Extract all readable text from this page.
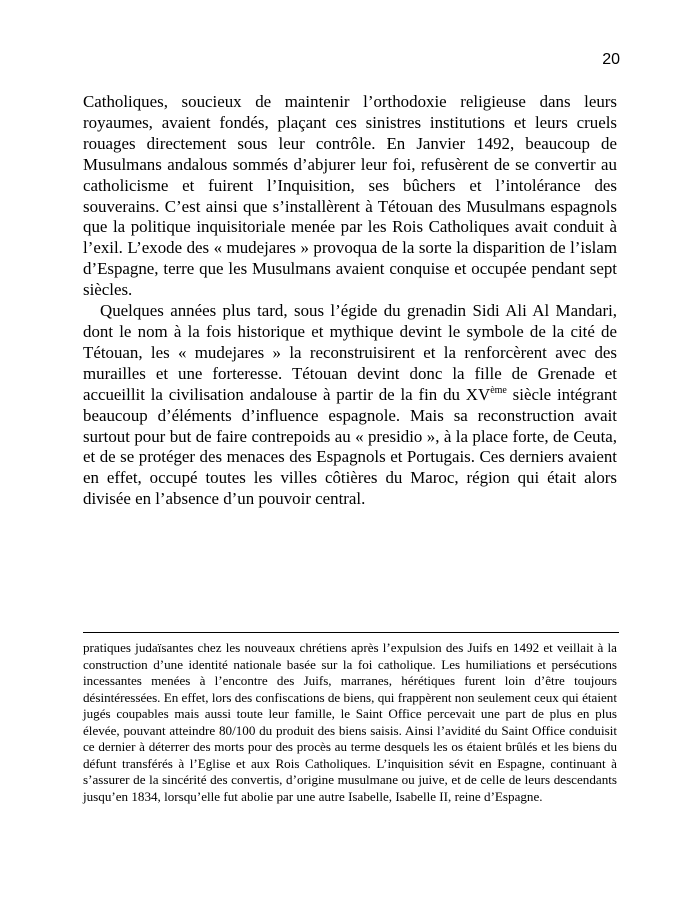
20

Catholiques, soucieux de maintenir l’orthodoxie religieuse dans leurs royaumes, avaient fondés, plaçant ces sinistres institutions et leurs cruels rouages directement sous leur contrôle. En Janvier 1492, beaucoup de Musulmans andalous sommés d’abjurer leur foi, refusèrent de se convertir au catholicisme et fuirent l’Inquisition, ses bûchers et l’intolérance des souverains. C’est ainsi que s’installèrent à Tétouan des Musulmans espagnols que la politique inquisitoriale menée par les Rois Catholiques avait conduit à l’exil. L’exode des « mudejares » provoqua de la sorte la disparition de l’islam d’Espagne, terre que les Musulmans avaient conquise et occupée pendant sept siècles.

Quelques années plus tard, sous l’égide du grenadin Sidi Ali Al Mandari, dont le nom à la fois historique et mythique devint le symbole de la cité de Tétouan, les « mudejares » la reconstruisirent et la renforcèrent avec des murailles et une forteresse. Tétouan devint donc la fille de Grenade et accueillit la civilisation andalouse à partir de la fin du XVème siècle intégrant beaucoup d’éléments d’influence espagnole. Mais sa reconstruction avait surtout pour but de faire contrepoids au « presidio », à la place forte, de Ceuta, et de se protéger des menaces des Espagnols et Portugais. Ces derniers avaient en effet, occupé toutes les villes côtières du Maroc, région qui était alors divisée en l’absence d’un pouvoir central.

pratiques judaïsantes chez les nouveaux chrétiens après l’expulsion des Juifs en 1492 et veillait à la construction d’une identité nationale basée sur la foi catholique. Les humiliations et persécutions incessantes menées à l’encontre des Juifs, marranes, hérétiques furent loin d’être toujours désintéressées. En effet, lors des confiscations de biens, qui frappèrent non seulement ceux qui étaient jugés coupables mais aussi toute leur famille, le Saint Office percevait une part de plus en plus élevée, pouvant atteindre 80/100 du produit des biens saisis. Ainsi l’avidité du Saint Office conduisit ce dernier à déterrer des morts pour des procès au terme desquels les os étaient brûlés et les biens du défunt transférés à l’Eglise et aux Rois Catholiques. L’inquisition sévit en Espagne, continuant à s’assurer de la sincérité des convertis, d’origine musulmane ou juive, et de celle de leurs descendants jusqu’en 1834, lorsqu’elle fut abolie par une autre Isabelle, Isabelle II, reine d’Espagne.
